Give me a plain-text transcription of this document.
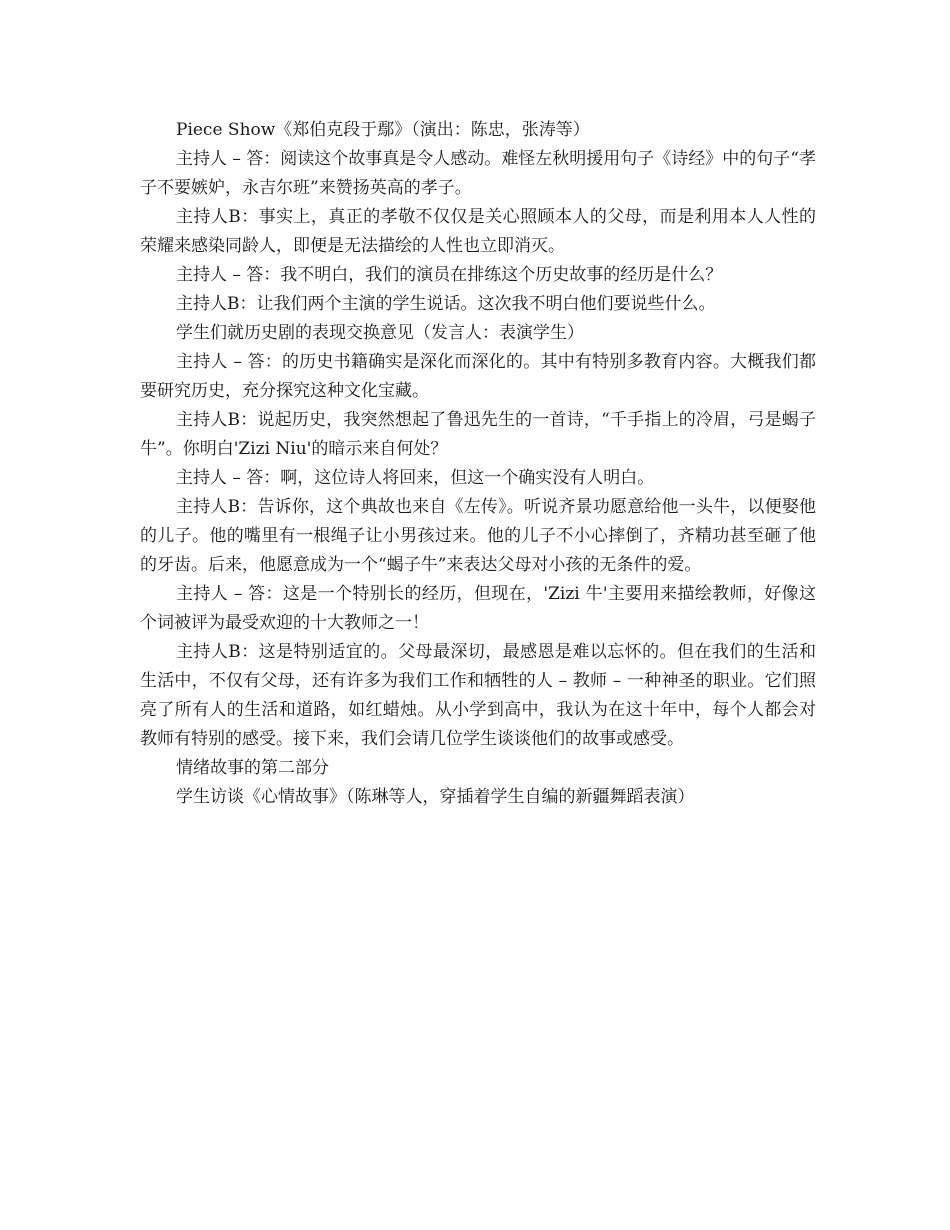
Piece Show《郑伯克段于鄢》（演出：陈忠，张涛等）

主持人 – 答：阅读这个故事真是令人感动。难怪左秋明援用句子《诗经》中的句子“孝子不要嫉妒，永吉尔班”来赞扬英高的孝子。

主持人B：事实上，真正的孝敬不仅仅是关心照顾本人的父母，而是利用本人人性的荣耀来感染同龄人，即便是无法描绘的人性也立即消灭。

主持人 – 答：我不明白，我们的演员在排练这个历史故事的经历是什么？

主持人B：让我们两个主演的学生说话。这次我不明白他们要说些什么。

学生们就历史剧的表现交换意见（发言人：表演学生）

主持人 – 答：的历史书籍确实是深化而深化的。其中有特别多教育内容。大概我们都要研究历史，充分探究这种文化宝藏。

主持人B：说起历史，我突然想起了鲁迅先生的一首诗，“千手指上的冷眉，弓是蝎子牛”。你明白'Zizi Niu'的暗示来自何处？

主持人 – 答：啊，这位诗人将回来，但这一个确实没有人明白。

主持人B：告诉你，这个典故也来自《左传》。听说齐景功愿意给他一头牛，以便娶他的儿子。他的嘴里有一根绳子让小男孩过来。他的儿子不小心摔倒了，齐精功甚至砸了他的牙齿。后来，他愿意成为一个“蝎子牛”来表达父母对小孩的无条件的爱。

主持人 – 答：这是一个特别长的经历，但现在，'Zizi 牛'主要用来描绘教师，好像这个词被评为最受欢迎的十大教师之一！

主持人B：这是特别适宜的。父母最深切，最感恩是难以忘怀的。但在我们的生活和生活中，不仅有父母，还有许多为我们工作和牺牲的人 – 教师 – 一种神圣的职业。它们照亮了所有人的生活和道路，如红蜡烛。从小学到高中，我认为在这十年中，每个人都会对教师有特别的感受。接下来，我们会请几位学生谈谈他们的故事或感受。

情绪故事的第二部分

学生访谈《心情故事》（陈琳等人，穿插着学生自编的新疆舞蹈表演）
